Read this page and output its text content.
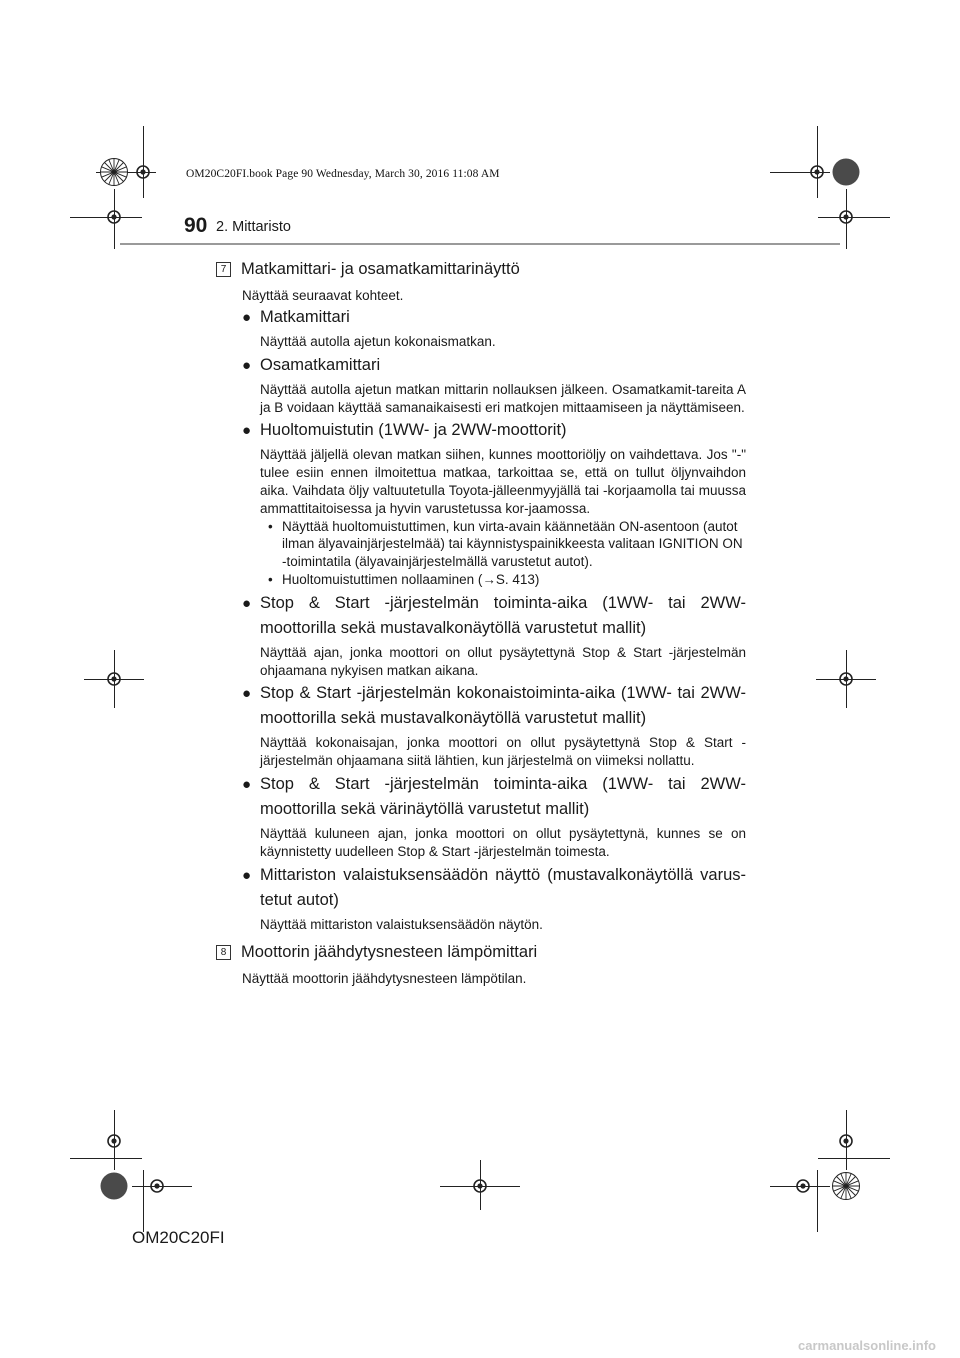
OM20C20FI.book Page 90 Wednesday, March 30, 2016 11:08 AM
90 2. Mittaristo
7 Matkamittari- ja osamatkamittarinäyttö
Näyttää seuraavat kohteet.
● Matkamittari
Näyttää autolla ajetun kokonaismatkan.
● Osamatkamittari
Näyttää autolla ajetun matkan mittarin nollauksen jälkeen. Osamatkamit-tareita A ja B voidaan käyttää samanaikaisesti eri matkojen mittaamiseen ja näyttämiseen.
● Huoltomuistutin (1WW- ja 2WW-moottorit)
Näyttää jäljellä olevan matkan siihen, kunnes moottoriöljy on vaihdettava. Jos "-" tulee esiin ennen ilmoitettua matkaa, tarkoittaa se, että on tullut öljynvaihdon aika. Vaihdata öljy valtuutetulla Toyota-jälleenmyyjällä tai -korjaamolla tai muussa ammattitaitoisessa ja hyvin varustetussa kor-jaamossa.
• Näyttää huoltomuistuttimen, kun virta-avain käännetään ON-asentoon (autot ilman älyavainjärjestelmää) tai käynnistyspainikkeesta valitaan IGNITION ON -toimintatila (älyavainjärjestelmällä varustetut autot).
• Huoltomuistuttimen nollaaminen (→S. 413)
● Stop & Start -järjestelmän toiminta-aika (1WW- tai 2WW-moottorilla sekä mustavalkonäytöllä varustetut mallit)
Näyttää ajan, jonka moottori on ollut pysäytettynä Stop & Start -järjestelmän ohjaamana nykyisen matkan aikana.
● Stop & Start -järjestelmän kokonaistoiminta-aika (1WW- tai 2WW-moottorilla sekä mustavalkonäytöllä varustetut mallit)
Näyttää kokonaisajan, jonka moottori on ollut pysäytettynä Stop & Start -järjestelmän ohjaamana siitä lähtien, kun järjestelmä on viimeksi nollattu.
● Stop & Start -järjestelmän toiminta-aika (1WW- tai 2WW-moottorilla sekä värinäytöllä varustetut mallit)
Näyttää kuluneen ajan, jonka moottori on ollut pysäytettynä, kunnes se on käynnistetty uudelleen Stop & Start -järjestelmän toimesta.
● Mittariston valaistuksensäädön näyttö (mustavalkonäytöllä varus-tetut autot)
Näyttää mittariston valaistuksensäädön näytön.
8 Moottorin jäähdytysnesteen lämpömittari
Näyttää moottorin jäähdytysnesteen lämpötilan.
OM20C20FI
carmanualsonline.info
